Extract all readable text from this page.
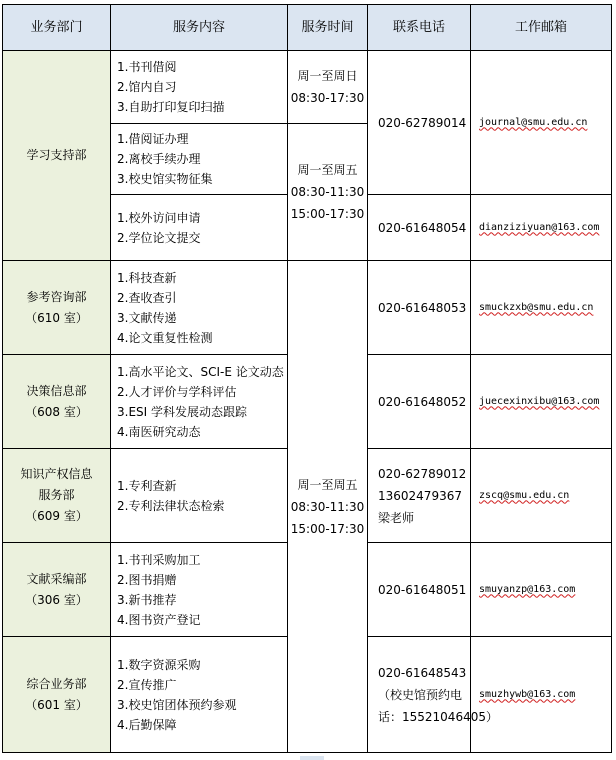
业务部门	服务内容	服务时间	联系电话	工作邮箱

学习支持部	1.书刊借阅
2.馆内自习
3.自助打印复印扫描	周一至周日
08:30-17:30	020-62789014	journal@smu.edu.cn

	1.借阅证办理
2.离校手续办理
3.校史馆实物征集	周一至周五
08:30-11:30
15:00-17:30		

	1.校外访问申请
2.学位论文提交		020-61648054	dianziziyuan@163.com

参考咨询部
（610 室）	1.科技查新
2.查收查引
3.文献传递
4.论文重复性检测	周一至周五
08:30-11:30
15:00-17:30	020-61648053	smuckzxb@smu.edu.cn

决策信息部
（608 室）	1.高水平论文、SCI-E 论文动态
2.人才评价与学科评估
3.ESI 学科发展动态跟踪
4.南医研究动态		020-61648052	juecexinxibu@163.com

知识产权信息
服务部
（609 室）	1.专利查新
2.专利法律状态检索		020-62789012
13602479367
梁老师	zscq@smu.edu.cn

文献采编部
（306 室）	1.书刊采购加工
2.图书捐赠
3.新书推荐
4.图书资产登记		020-61648051	smuyanzp@163.com

综合业务部
（601 室）	1.数字资源采购
2.宣传推广
3.校史馆团体预约参观
4.后勤保障		020-61648543
（校史馆预约电
话：15521046405）	smuzhywb@163.com
